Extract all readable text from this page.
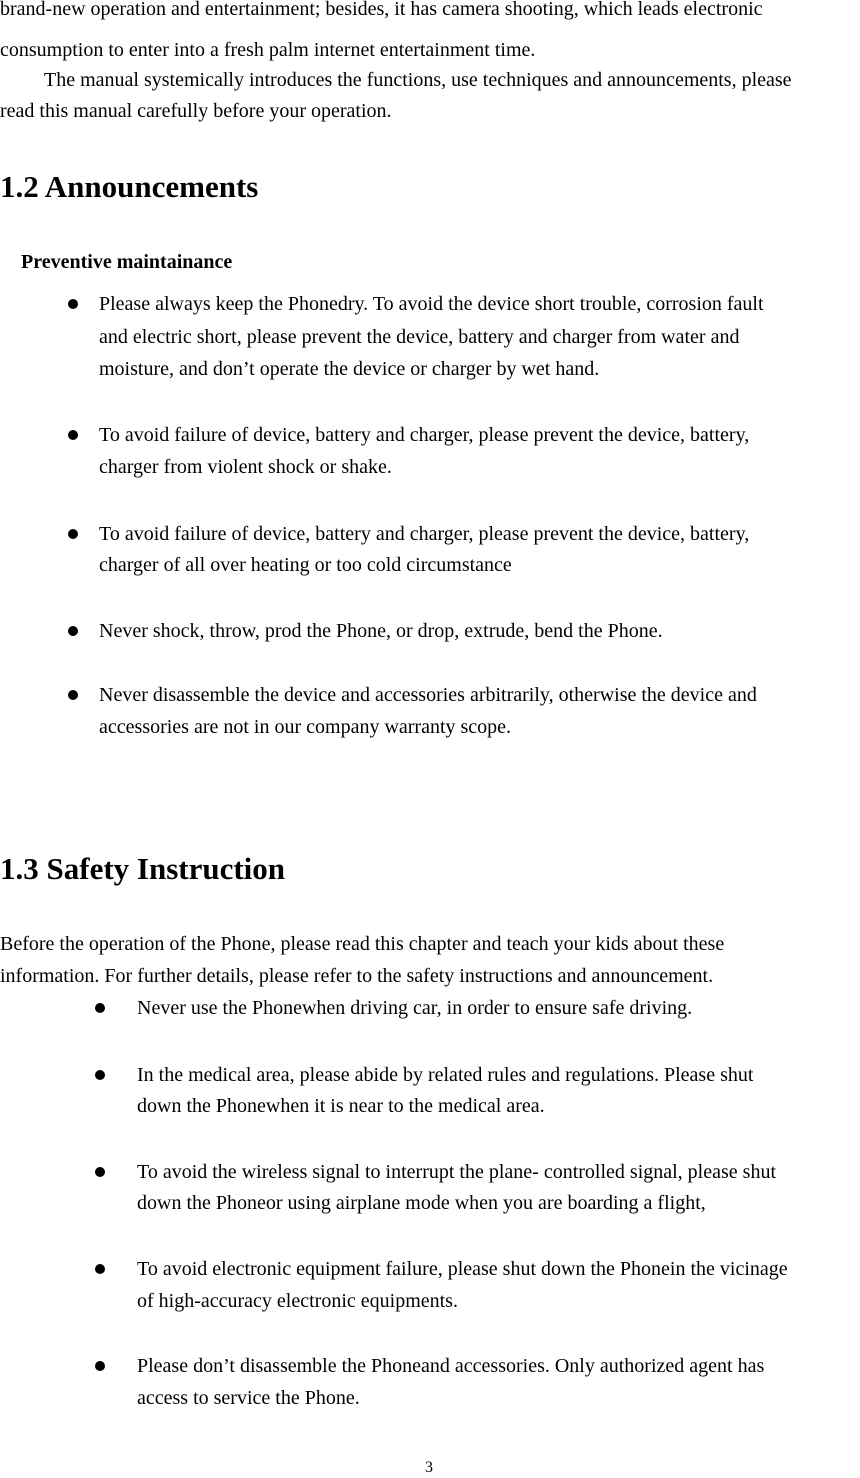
brand-new operation and entertainment; besides, it has camera shooting, which leads electronic
consumption to enter into a fresh palm internet entertainment time.
The manual systemically introduces the functions, use techniques and announcements, please
read this manual carefully before your operation.
1.2 Announcements
Preventive maintainance
Please always keep the Phonedry. To avoid the device short trouble, corrosion fault
and electric short, please prevent the device, battery and charger from water and
moisture, and don’t operate the device or charger by wet hand.
To avoid failure of device, battery and charger, please prevent the device, battery,
charger from violent shock or shake.
To avoid failure of device, battery and charger, please prevent the device, battery,
charger of all over heating or too cold circumstance
Never shock, throw, prod the Phone, or drop, extrude, bend the Phone.
Never disassemble the device and accessories arbitrarily, otherwise the device and
accessories are not in our company warranty scope.
1.3 Safety Instruction
Before the operation of the Phone, please read this chapter and teach your kids about these
information. For further details, please refer to the safety instructions and announcement.
Never use the Phonewhen driving car, in order to ensure safe driving.
In the medical area, please abide by related rules and regulations. Please shut
down the Phonewhen it is near to the medical area.
To avoid the wireless signal to interrupt the plane- controlled signal, please shut
down the Phoneor using airplane mode when you are boarding a flight,
To avoid electronic equipment failure, please shut down the Phonein the vicinage
of high-accuracy electronic equipments.
Please don’t disassemble the Phoneand accessories. Only authorized agent has
access to service the Phone.
3
